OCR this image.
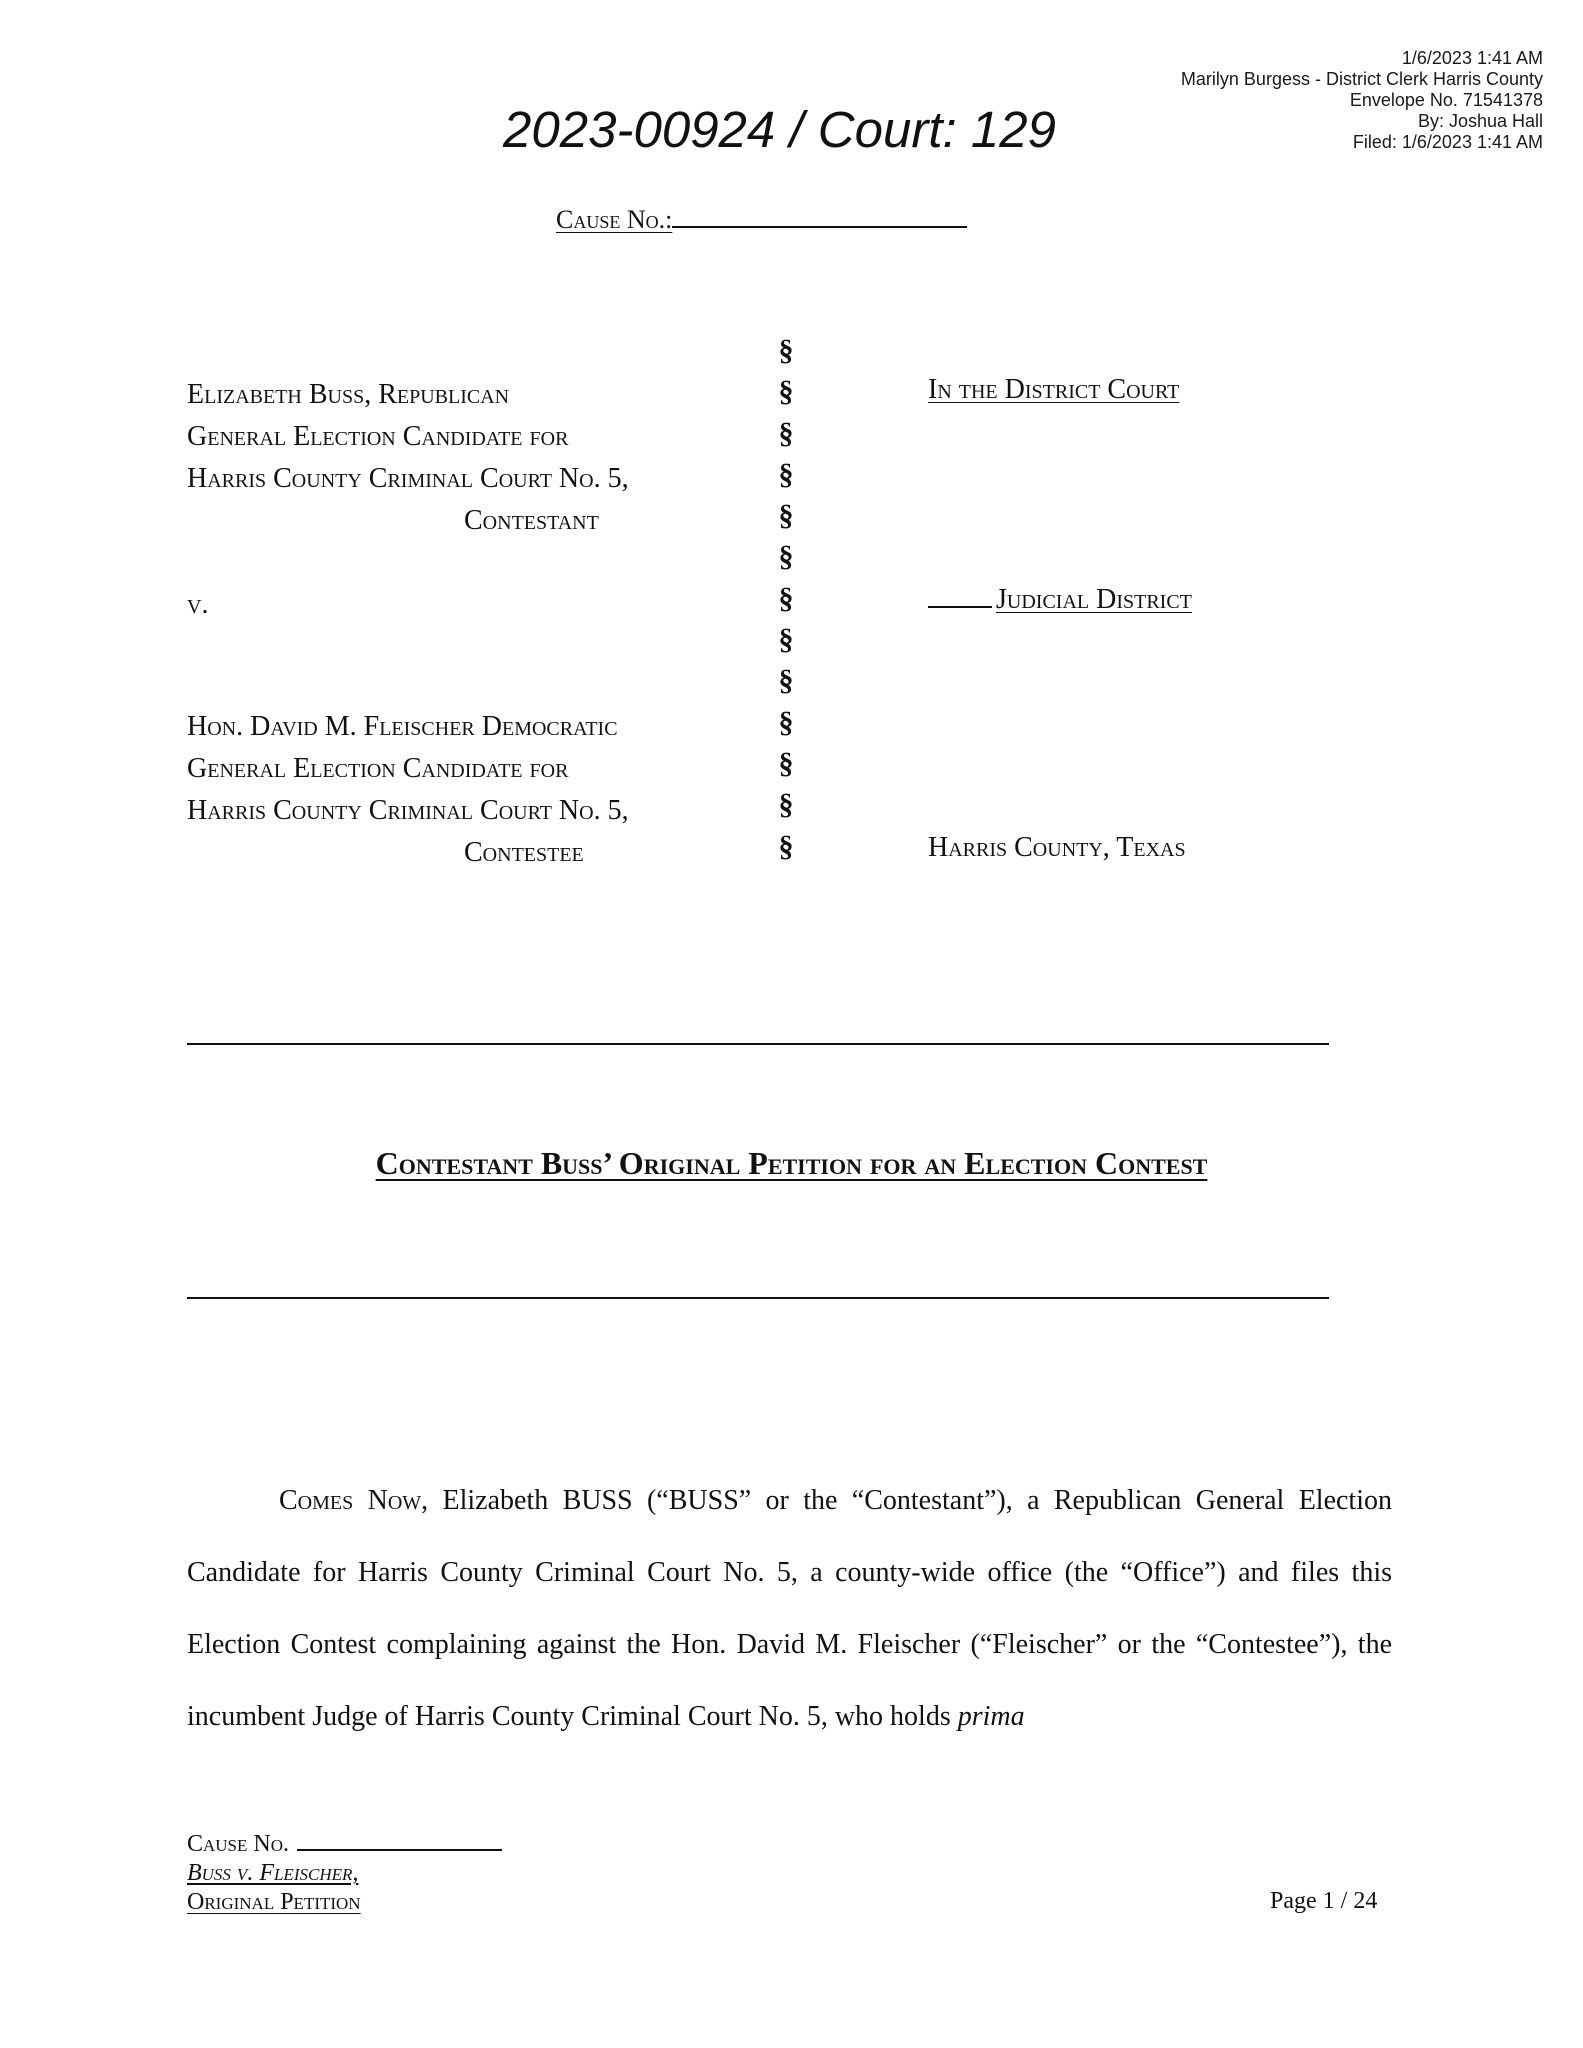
1/6/2023 1:41 AM
Marilyn Burgess - District Clerk Harris County
Envelope No. 71541378
By: Joshua Hall
Filed: 1/6/2023 1:41 AM
2023-00924 / Court: 129
Cause No.:
Elizabeth Buss, Republican
General Election Candidate for
Harris County Criminal Court No. 5,
Contestant
v.
Hon. David M. Fleischer Democratic
General Election Candidate for
Harris County Criminal Court No. 5,
Contestee
§
§
§
§
§
§
§
§
§
§
§
§
§
In the District Court
Judicial District
Harris County, Texas
Contestant Buss’ Original Petition for an Election Contest
Comes Now, Elizabeth BUSS (“BUSS” or the “Contestant”), a Republican General Election Candidate for Harris County Criminal Court No. 5, a county-wide office (the “Office”) and files this Election Contest complaining against the Hon. David M. Fleischer (“Fleischer” or the “Contestee”), the incumbent Judge of Harris County Criminal Court No. 5, who holds prima
Cause No.
Buss v. Fleischer,
Original Petition	Page 1 / 24
